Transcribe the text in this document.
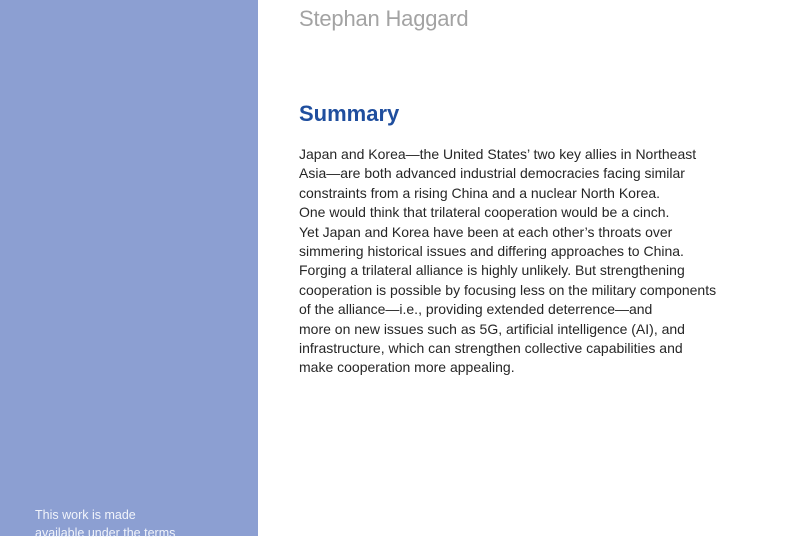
This work is made
available under the terms

Stephan Haggard
Summary
Japan and Korea—the United States’ two key allies in Northeast
Asia—are both advanced industrial democracies facing similar
constraints from a rising China and a nuclear North Korea.
One would think that trilateral cooperation would be a cinch.
Yet Japan and Korea have been at each other’s throats over
simmering historical issues and differing approaches to China.
Forging a trilateral alliance is highly unlikely. But strengthening
cooperation is possible by focusing less on the military components
of the alliance—i.e., providing extended deterrence—and
more on new issues such as 5G, artificial intelligence (AI), and
infrastructure, which can strengthen collective capabilities and
make cooperation more appealing.
